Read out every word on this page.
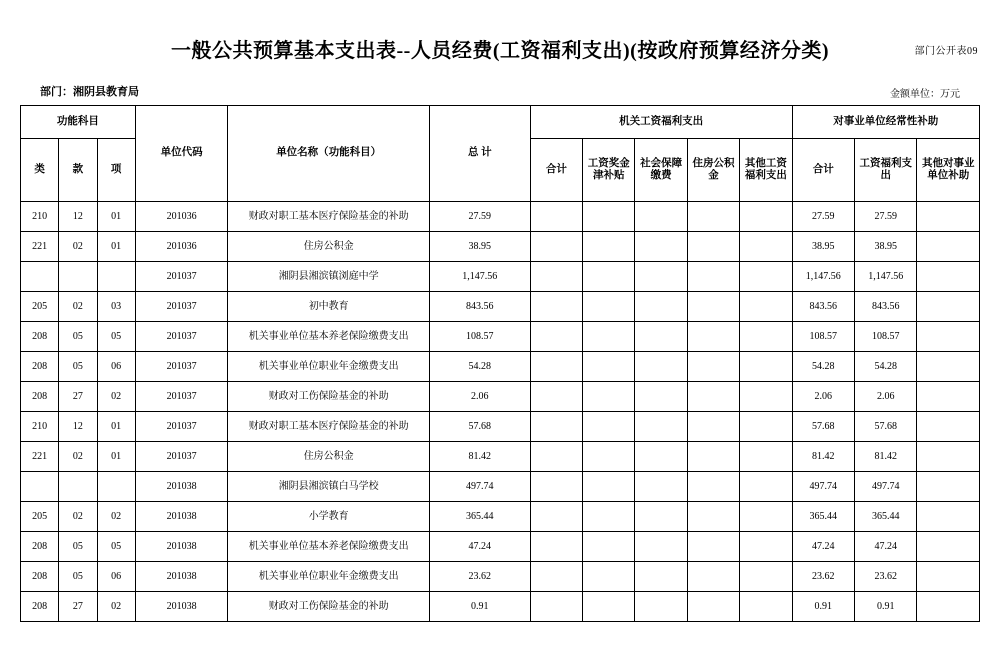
部门公开表09
一般公共预算基本支出表--人员经费(工资福利支出)(按政府预算经济分类)
部门：湘阴县教育局	金额单位：万元
功能科目			单位代码	单位名称（功能科目）	总 计	机关工资福利支出					对事业单位经常性补助		
类	款	项				合计	工资奖金津补贴	社会保障缴费	住房公积金	其他工资福利支出	合计	工资福利支出	其他对事业单位补助
210	12	01	201036	财政对职工基本医疗保险基金的补助	27.59						27.59	27.59	
221	02	01	201036	住房公积金	38.95						38.95	38.95	
			201037	湘阴县湘滨镇浏庭中学	1,147.56						1,147.56	1,147.56	
205	02	03	201037	初中教育	843.56						843.56	843.56	
208	05	05	201037	机关事业单位基本养老保险缴费支出	108.57						108.57	108.57	
208	05	06	201037	机关事业单位职业年金缴费支出	54.28						54.28	54.28	
208	27	02	201037	财政对工伤保险基金的补助	2.06						2.06	2.06	
210	12	01	201037	财政对职工基本医疗保险基金的补助	57.68						57.68	57.68	
221	02	01	201037	住房公积金	81.42						81.42	81.42	
			201038	湘阴县湘滨镇白马学校	497.74						497.74	497.74	
205	02	02	201038	小学教育	365.44						365.44	365.44	
208	05	05	201038	机关事业单位基本养老保险缴费支出	47.24						47.24	47.24	
208	05	06	201038	机关事业单位职业年金缴费支出	23.62						23.62	23.62	
208	27	02	201038	财政对工伤保险基金的补助	0.91						0.91	0.91	
